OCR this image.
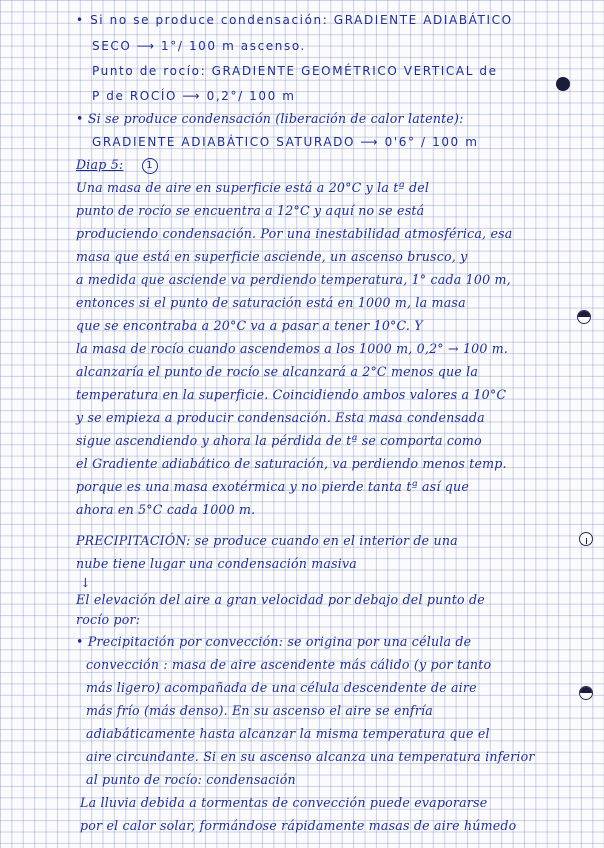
• Si no se produce condensación: GRADIENTE ADIABÁTICO
SECO ⟶ 1°/ 100 m ascenso.
Punto de rocío: GRADIENTE GEOMÉTRICO VERTICAL de
P de ROCÍO ⟶ 0,2°/ 100 m
• Si se produce condensación (liberación de calor latente):
GRADIENTE ADIABÁTICO SATURADO ⟶ 0'6° / 100 m
Diap 5: 1
Una masa de aire en superficie está a 20°C y la tª del
punto de rocío se encuentra a 12°C y aquí no se está
produciendo condensación. Por una inestabilidad atmosférica, esa
masa que está en superficie asciende, un ascenso brusco, y
a medida que asciende va perdiendo temperatura, 1° cada 100 m,
entonces si el punto de saturación está en 1000 m, la masa
que se encontraba a 20°C va a pasar a tener 10°C. Y
la masa de rocío cuando ascendemos a los 1000 m, 0,2° → 100 m.
alcanzaría el punto de rocío se alcanzará a 2°C menos que la
temperatura en la superficie. Coincidiendo ambos valores a 10°C
y se empieza a producir condensación. Esta masa condensada
sigue ascendiendo y ahora la pérdida de tª se comporta como
el Gradiente adiabático de saturación, va perdiendo menos temp.
porque es una masa exotérmica y no pierde tanta tª así que
ahora en 5°C cada 1000 m.
PRECIPITACIÓN: se produce cuando en el interior de una
nube tiene lugar una condensación masiva
↓
El elevación del aire a gran velocidad por debajo del punto de
rocío por:
• Precipitación por convección: se origina por una célula de
convección : masa de aire ascendente más cálido (y por tanto
más ligero) acompañada de una célula descendente de aire
más frío (más denso). En su ascenso el aire se enfría
adiabáticamente hasta alcanzar la misma temperatura que el
aire circundante. Si en su ascenso alcanza una temperatura inferior
al punto de rocío: condensación
La lluvia debida a tormentas de convección puede evaporarse
por el calor solar, formándose rápidamente masas de aire húmedo
